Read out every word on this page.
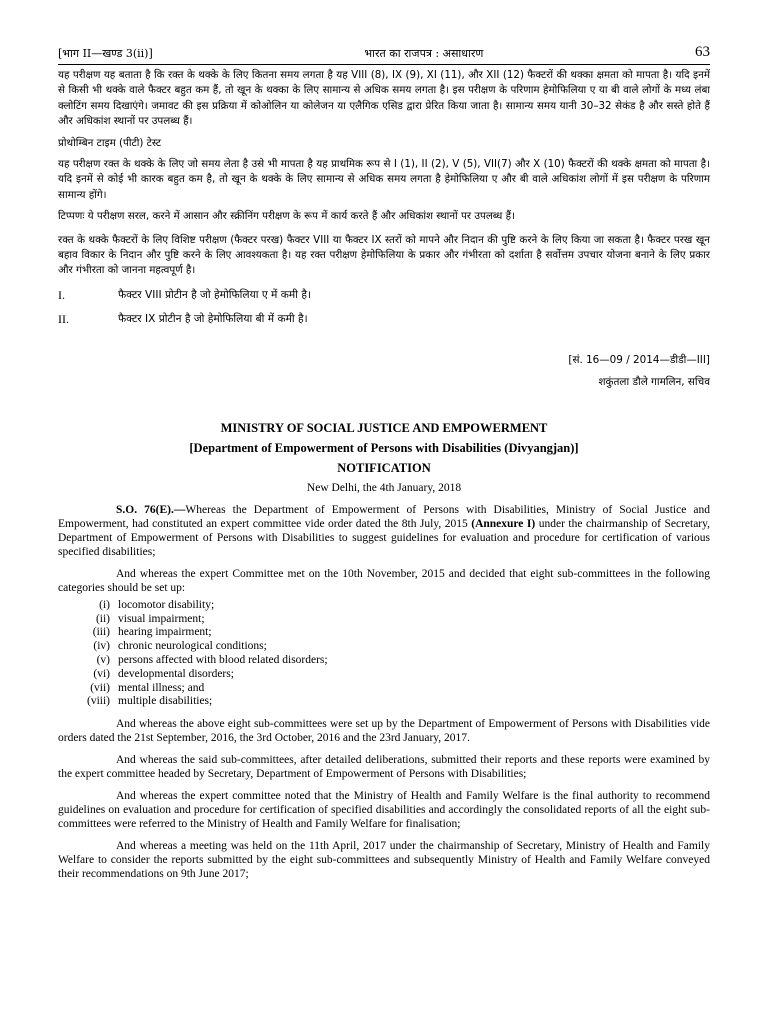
[भाग II—खण्ड 3(ii)]	भारत का राजपत्र : असाधारण	63

यह परीक्षण यह बताता है कि रक्त के थक्के के लिए कितना समय लगता है यह VIII (8), IX (9), XI (11), और XII (12) फैक्टरों की थक्का क्षमता को मापता है। यदि इनमें से किसी भी थक्के वाले फैक्टर बहुत कम हैं, तो खून के थक्का के लिए सामान्य से अधिक समय लगता है। इस परीक्षण के परिणाम हेमोफिलिया ए या बी वाले लोगों के मध्य लंबा क्लोटिंग समय दिखाएंगे। जमावट की इस प्रक्रिया में कोओलिन या कोलेजन या एलैगिक एसिड द्वारा प्रेरित किया जाता है। सामान्य समय यानी 30–32 सेकंड है और सस्ते होते हैं और अधिकांश स्थानों पर उपलब्ध हैं।

प्रोथोम्बिन टाइम (पीटी) टेस्ट

यह परीक्षण रक्त के थक्के के लिए जो समय लेता है उसे भी मापता है यह प्राथमिक रूप से I (1), II (2), V (5), VII(7) और X (10) फैक्टरों की थक्के क्षमता को मापता है। यदि इनमें से कोई भी कारक बहुत कम है, तो खून के थक्के के लिए सामान्य से अधिक समय लगता है हेमोफिलिया ए और बी वाले अधिकांश लोगों में इस परीक्षण के परिणाम सामान्य होंगे।

टिप्पणः ये परीक्षण सरल, करने में आसान और स्क्रीनिंग परीक्षण के रूप में कार्य करते हैं और अधिकांश स्थानों पर उपलब्ध हैं।

रक्त के थक्के फैक्टरों के लिए विशिष्ट परीक्षण (फैक्टर परख) फैक्टर VIII या फैक्टर IX स्तरों को मापने और निदान की पुष्टि करने के लिए किया जा सकता है। फैक्टर परख खून बहाव विकार के निदान और पुष्टि करने के लिए आवश्यकता है। यह रक्त परीक्षण हेमोफिलिया के प्रकार और गंभीरता को दर्शाता है सर्वोत्तम उपचार योजना बनाने के लिए प्रकार और गंभीरता को जानना महत्वपूर्ण है।

I.	फैक्टर VIII प्रोटीन है जो हेमोफिलिया ए में कमी है।
II.	फैक्टर IX प्रोटीन है जो हेमोफिलिया बी में कमी है।
[सं. 16—09 / 2014—डीडी—III]
शकुंतला डौले गामलिन, सचिव

MINISTRY OF SOCIAL JUSTICE AND EMPOWERMENT

[Department of Empowerment of Persons with Disabilities (Divyangjan)]

NOTIFICATION

New Delhi, the 4th January, 2018

S.O. 76(E).—Whereas the Department of Empowerment of Persons with Disabilities, Ministry of Social Justice and Empowerment, had constituted an expert committee vide order dated the 8th July, 2015 (Annexure I) under the chairmanship of Secretary, Department of Empowerment of Persons with Disabilities to suggest guidelines for evaluation and procedure for certification of various specified disabilities;

And whereas the expert Committee met on the 10th November, 2015 and decided that eight sub-committees in the following categories should be set up:

(i) locomotor disability;
(ii) visual impairment;
(iii) hearing impairment;
(iv) chronic neurological conditions;
(v) persons affected with blood related disorders;
(vi) developmental disorders;
(vii) mental illness; and
(viii) multiple disabilities;

And whereas the above eight sub-committees were set up by the Department of Empowerment of Persons with Disabilities vide orders dated the 21st September, 2016, the 3rd October, 2016 and the 23rd January, 2017.

And whereas the said sub-committees, after detailed deliberations, submitted their reports and these reports were examined by the expert committee headed by Secretary, Department of Empowerment of Persons with Disabilities;

And whereas the expert committee noted that the Ministry of Health and Family Welfare is the final authority to recommend guidelines on evaluation and procedure for certification of specified disabilities and accordingly the consolidated reports of all the eight sub-committees were referred to the Ministry of Health and Family Welfare for finalisation;

And whereas a meeting was held on the 11th April, 2017 under the chairmanship of Secretary, Ministry of Health and Family Welfare to consider the reports submitted by the eight sub-committees and subsequently Ministry of Health and Family Welfare conveyed their recommendations on 9th June 2017;
